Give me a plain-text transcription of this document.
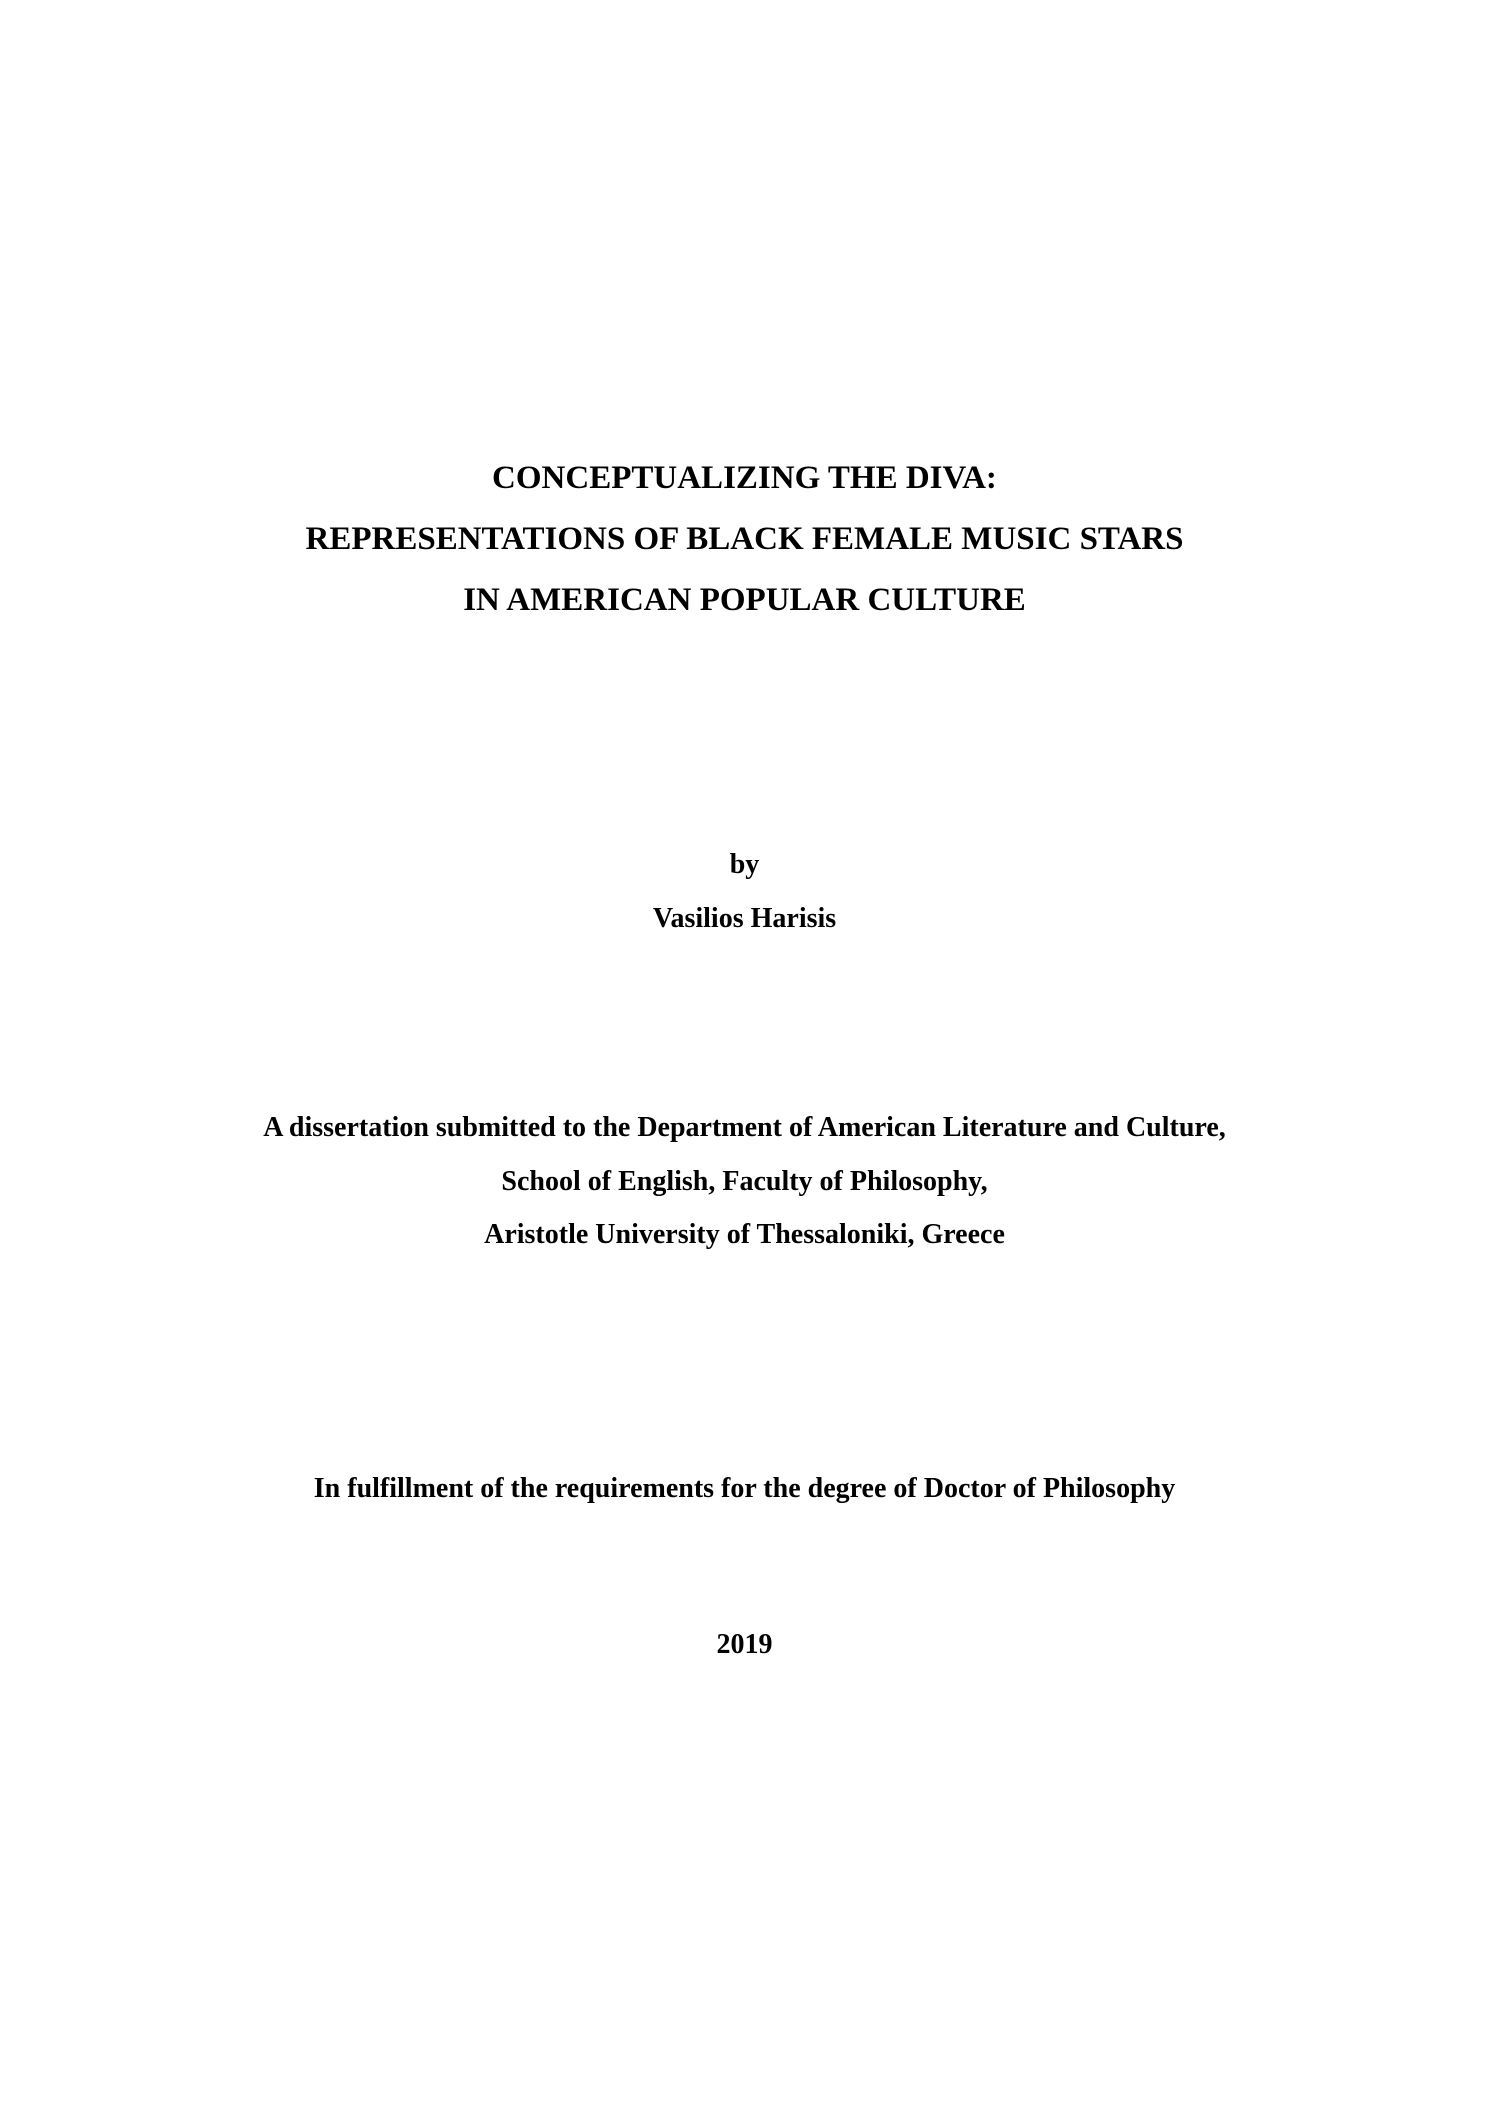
CONCEPTUALIZING THE DIVA:
REPRESENTATIONS OF BLACK FEMALE MUSIC STARS
IN AMERICAN POPULAR CULTURE
by
Vasilios Harisis
A dissertation submitted to the Department of American Literature and Culture,
School of English, Faculty of Philosophy,
Aristotle University of Thessaloniki, Greece
In fulfillment of the requirements for the degree of Doctor of Philosophy
2019
